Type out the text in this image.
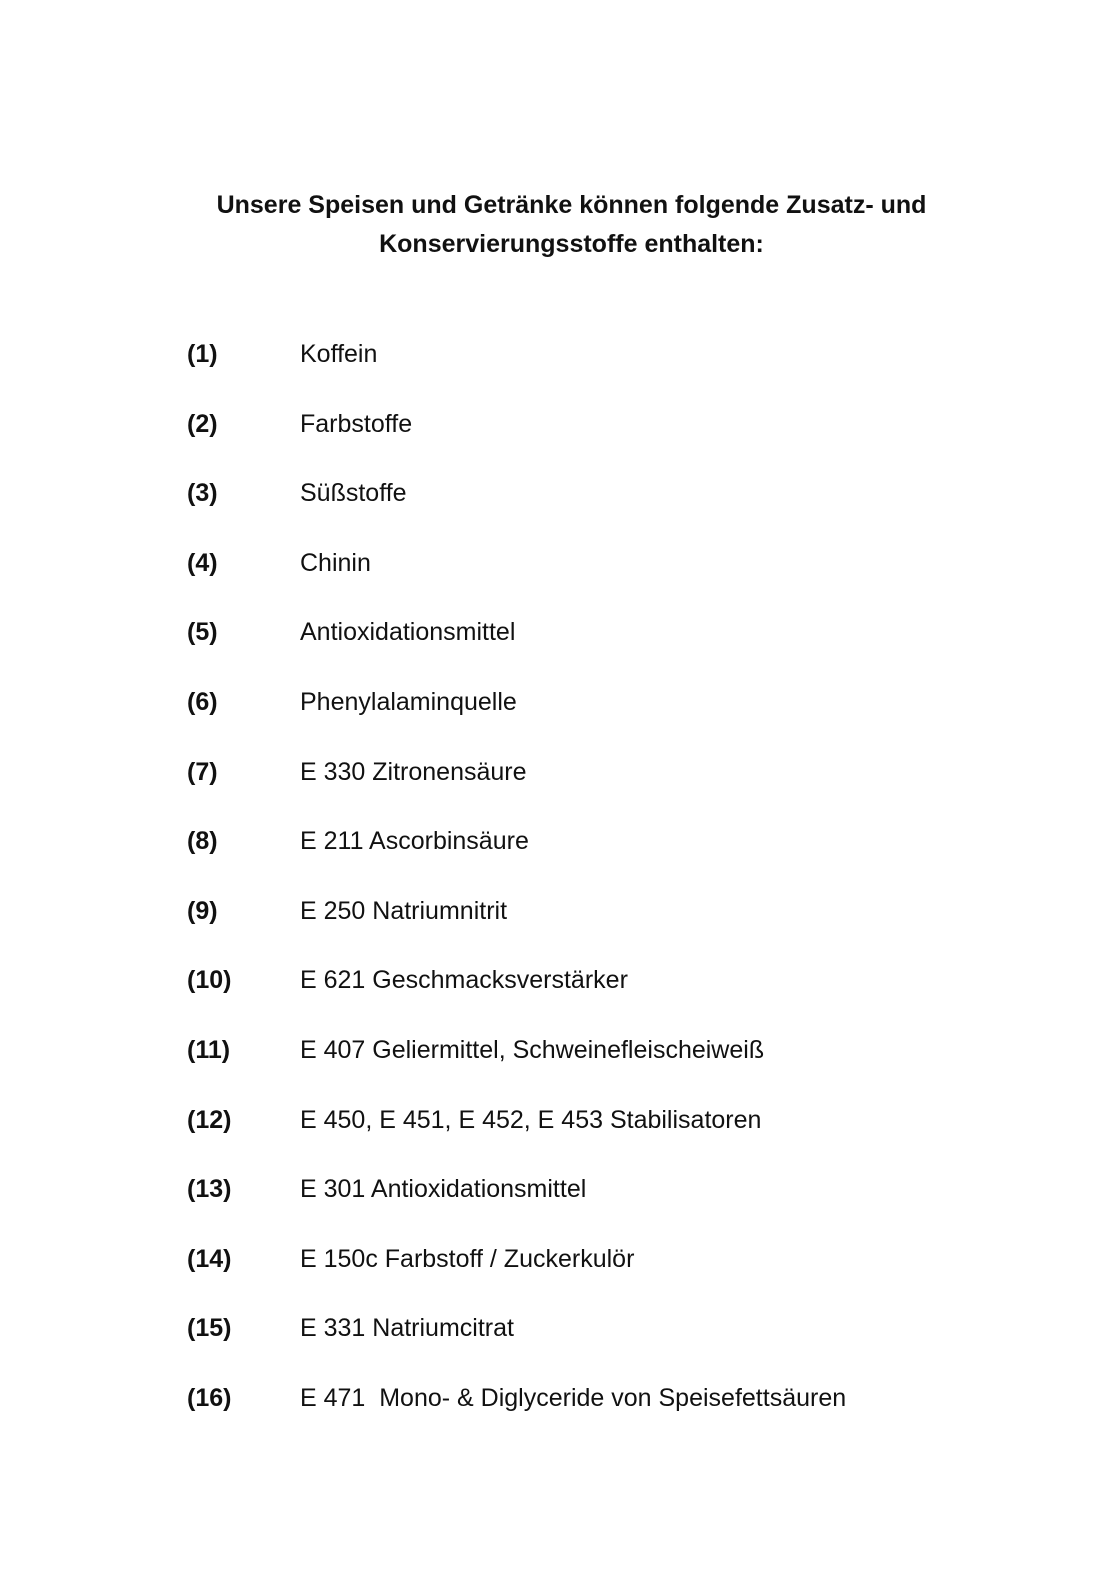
Unsere Speisen und Getränke können folgende Zusatz- und
Konservierungsstoffe enthalten:
(1)	Koffein
(2)	Farbstoffe
(3)	Süßstoffe
(4)	Chinin
(5)	Antioxidationsmittel
(6)	Phenylalaminquelle
(7)	E 330 Zitronensäure
(8)	E 211 Ascorbinsäure
(9)	E 250 Natriumnitrit
(10)	E 621 Geschmacksverstärker
(11)	E 407 Geliermittel, Schweinefleischeiweiß
(12)	E 450, E 451, E 452, E 453 Stabilisatoren
(13)	E 301 Antioxidationsmittel
(14)	E 150c Farbstoff / Zuckerkulör
(15)	E 331 Natriumcitrat
(16)	E 471  Mono- & Diglyceride von Speisefettsäuren
